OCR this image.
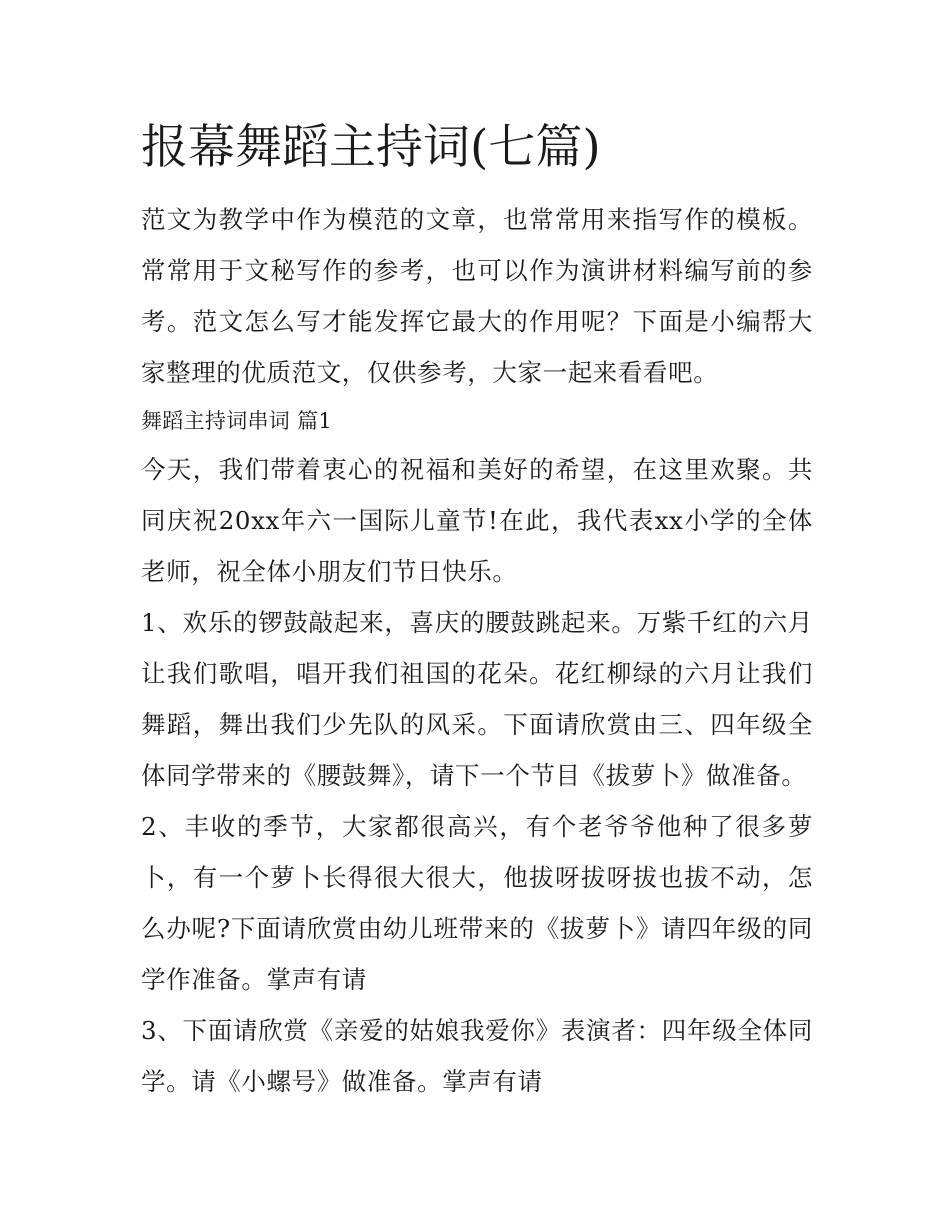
报幕舞蹈主持词(七篇)

范文为教学中作为模范的文章，也常常用来指写作的模板。常常用于文秘写作的参考，也可以作为演讲材料编写前的参考。范文怎么写才能发挥它最大的作用呢？下面是小编帮大家整理的优质范文，仅供参考，大家一起来看看吧。

舞蹈主持词串词 篇1

今天，我们带着衷心的祝福和美好的希望，在这里欢聚。共同庆祝20xx年六一国际儿童节!在此，我代表xx小学的全体老师，祝全体小朋友们节日快乐。

1、欢乐的锣鼓敲起来，喜庆的腰鼓跳起来。万紫千红的六月让我们歌唱，唱开我们祖国的花朵。花红柳绿的六月让我们舞蹈，舞出我们少先队的风采。下面请欣赏由三、四年级全体同学带来的《腰鼓舞》，请下一个节目《拔萝卜》做准备。

2、丰收的季节，大家都很高兴，有个老爷爷他种了很多萝卜，有一个萝卜长得很大很大，他拔呀拔呀拔也拔不动，怎么办呢?下面请欣赏由幼儿班带来的《拔萝卜》请四年级的同学作准备。掌声有请

3、下面请欣赏《亲爱的姑娘我爱你》表演者：四年级全体同学。请《小螺号》做准备。掌声有请
